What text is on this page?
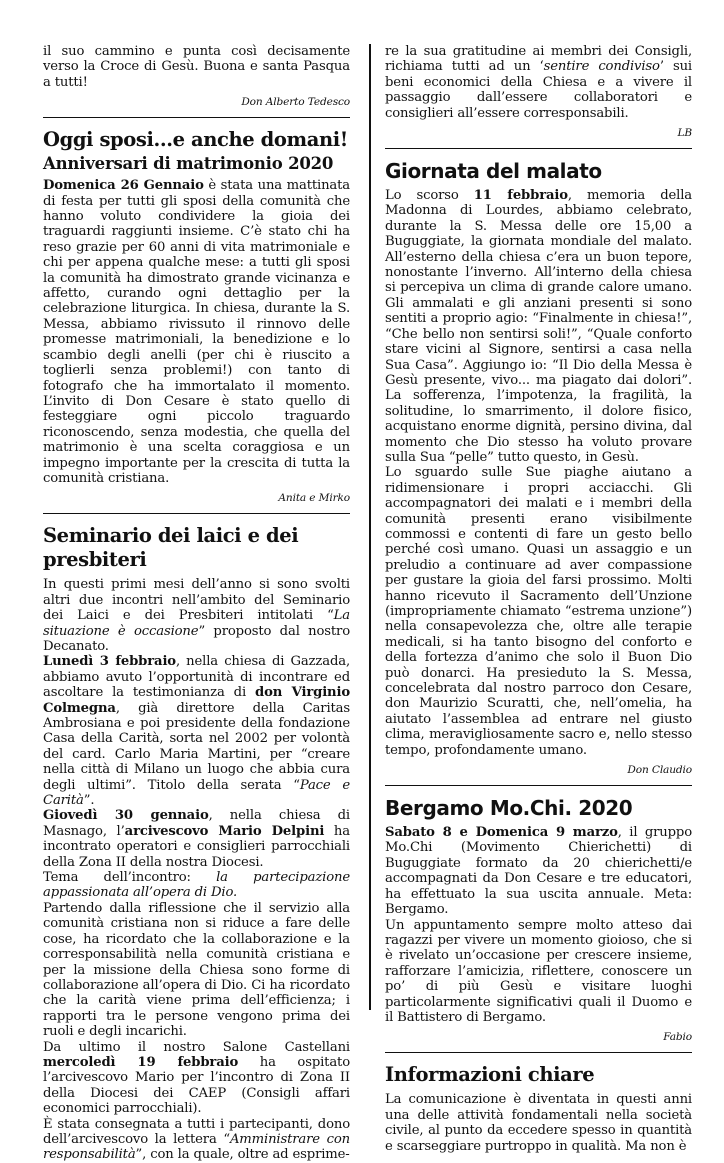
il suo cammino e punta così decisamente verso la Croce di Gesù. Buona e santa Pasqua a tutti!

Don Alberto Tedesco

Oggi sposi...e anche domani!
Anniversari di matrimonio 2020

Domenica 26 Gennaio è stata una mattinata di festa per tutti gli sposi della comunità che hanno voluto condividere la gioia dei traguardi raggiunti insieme. C’è stato chi ha reso grazie per 60 anni di vita matrimoniale e chi per appena qualche mese: a tutti gli sposi la comunità ha dimostrato grande vicinanza e affetto, curando ogni dettaglio per la celebrazione liturgica. In chiesa, durante la S. Messa, abbiamo rivissuto il rinnovo delle promesse matrimoniali, la benedizione e lo scambio degli anelli (per chi è riuscito a toglierli senza problemi!) con tanto di fotografo che ha immortalato il momento. L’invito di Don Cesare è stato quello di festeggiare ogni piccolo traguardo riconoscendo, senza modestia, che quella del matrimonio è una scelta coraggiosa e un impegno importante per la crescita di tutta la comunità cristiana.

Anita e Mirko

Seminario dei laici e dei presbiteri

In questi primi mesi dell’anno si sono svolti altri due incontri nell’ambito del Seminario dei Laici e dei Presbiteri intitolati “La situazione è occasione” proposto dal nostro Decanato.

Lunedì 3 febbraio, nella chiesa di Gazzada, abbiamo avuto l’opportunità di incontrare ed ascoltare la testimonianza di don Virginio Colmegna, già direttore della Caritas Ambrosiana e poi presidente della fondazione Casa della Carità, sorta nel 2002 per volontà del card. Carlo Maria Martini, per “creare nella città di Milano un luogo che abbia cura degli ultimi”. Titolo della serata “Pace e Carità”.

Giovedì 30 gennaio, nella chiesa di Masnago, l’arcivescovo Mario Delpini ha incontrato operatori e consiglieri parrocchiali della Zona II della nostra Diocesi.

Tema dell’incontro: la partecipazione appassionata all’opera di Dio.

Partendo dalla riflessione che il servizio alla comunità cristiana non si riduce a fare delle cose, ha ricordato che la collaborazione e la corresponsabilità nella comunità cristiana e per la missione della Chiesa sono forme di collaborazione all’opera di Dio. Ci ha ricordato che la carità viene prima dell’efficienza; i rapporti tra le persone vengono prima dei ruoli e degli incarichi.

Da ultimo il nostro Salone Castellani mercoledì 19 febbraio ha ospitato l’arcivescovo Mario per l’incontro di Zona II della Diocesi dei CAEP (Consigli affari economici parrocchiali).

È stata consegnata a tutti i partecipanti, dono dell’arcivescovo la lettera “Amministrare con responsabilità”, con la quale, oltre ad esprime-

re la sua gratitudine ai membri dei Consigli, richiama tutti ad un ‘sentire condiviso’ sui beni economici della Chiesa e a vivere il passaggio dall’essere collaboratori e consiglieri all’essere corresponsabili.

LB

Giornata del malato

Lo scorso 11 febbraio, memoria della Madonna di Lourdes, abbiamo celebrato, durante la S. Messa delle ore 15,00 a Buguggiate, la giornata mondiale del malato. All’esterno della chiesa c’era un buon tepore, nonostante l’inverno. All’interno della chiesa si percepiva un clima di grande calore umano. Gli ammalati e gli anziani presenti si sono sentiti a proprio agio: “Finalmente in chiesa!”, “Che bello non sentirsi soli!”, “Quale conforto stare vicini al Signore, sentirsi a casa nella Sua Casa”. Aggiungo io: “Il Dio della Messa è Gesù presente, vivo... ma piagato dai dolori”. La sofferenza, l’impotenza, la fragilità, la solitudine, lo smarrimento, il dolore fisico, acquistano enorme dignità, persino divina, dal momento che Dio stesso ha voluto provare sulla Sua “pelle” tutto questo, in Gesù.

Lo sguardo sulle Sue piaghe aiutano a ridimensionare i propri acciacchi. Gli accompagnatori dei malati e i membri della comunità presenti erano visibilmente commossi e contenti di fare un gesto bello perché così umano. Quasi un assaggio e un preludio a continuare ad aver compassione per gustare la gioia del farsi prossimo. Molti hanno ricevuto il Sacramento dell’Unzione (impropriamente chiamato “estrema unzione”) nella consapevolezza che, oltre alle terapie medicali, si ha tanto bisogno del conforto e della fortezza d’animo che solo il Buon Dio può donarci. Ha presieduto la S. Messa, concelebrata dal nostro parroco don Cesare, don Maurizio Scuratti, che, nell’omelia, ha aiutato l’assemblea ad entrare nel giusto clima, meravigliosamente sacro e, nello stesso tempo, profondamente umano.

Don Claudio

Bergamo Mo.Chi. 2020

Sabato 8 e Domenica 9 marzo, il gruppo Mo.Chi (Movimento Chierichetti) di Buguggiate formato da 20 chierichetti/e accompagnati da Don Cesare e tre educatori, ha effettuato la sua uscita annuale. Meta: Bergamo.

Un appuntamento sempre molto atteso dai ragazzi per vivere un momento gioioso, che si è rivelato un’occasione per crescere insieme, rafforzare l’amicizia, riflettere, conoscere un po’ di più Gesù e visitare luoghi particolarmente significativi quali il Duomo e il Battistero di Bergamo.

Fabio

Informazioni chiare

La comunicazione è diventata in questi anni una delle attività fondamentali nella società civile, al punto da eccedere spesso in quantità e scarseggiare purtroppo in qualità. Ma non è
